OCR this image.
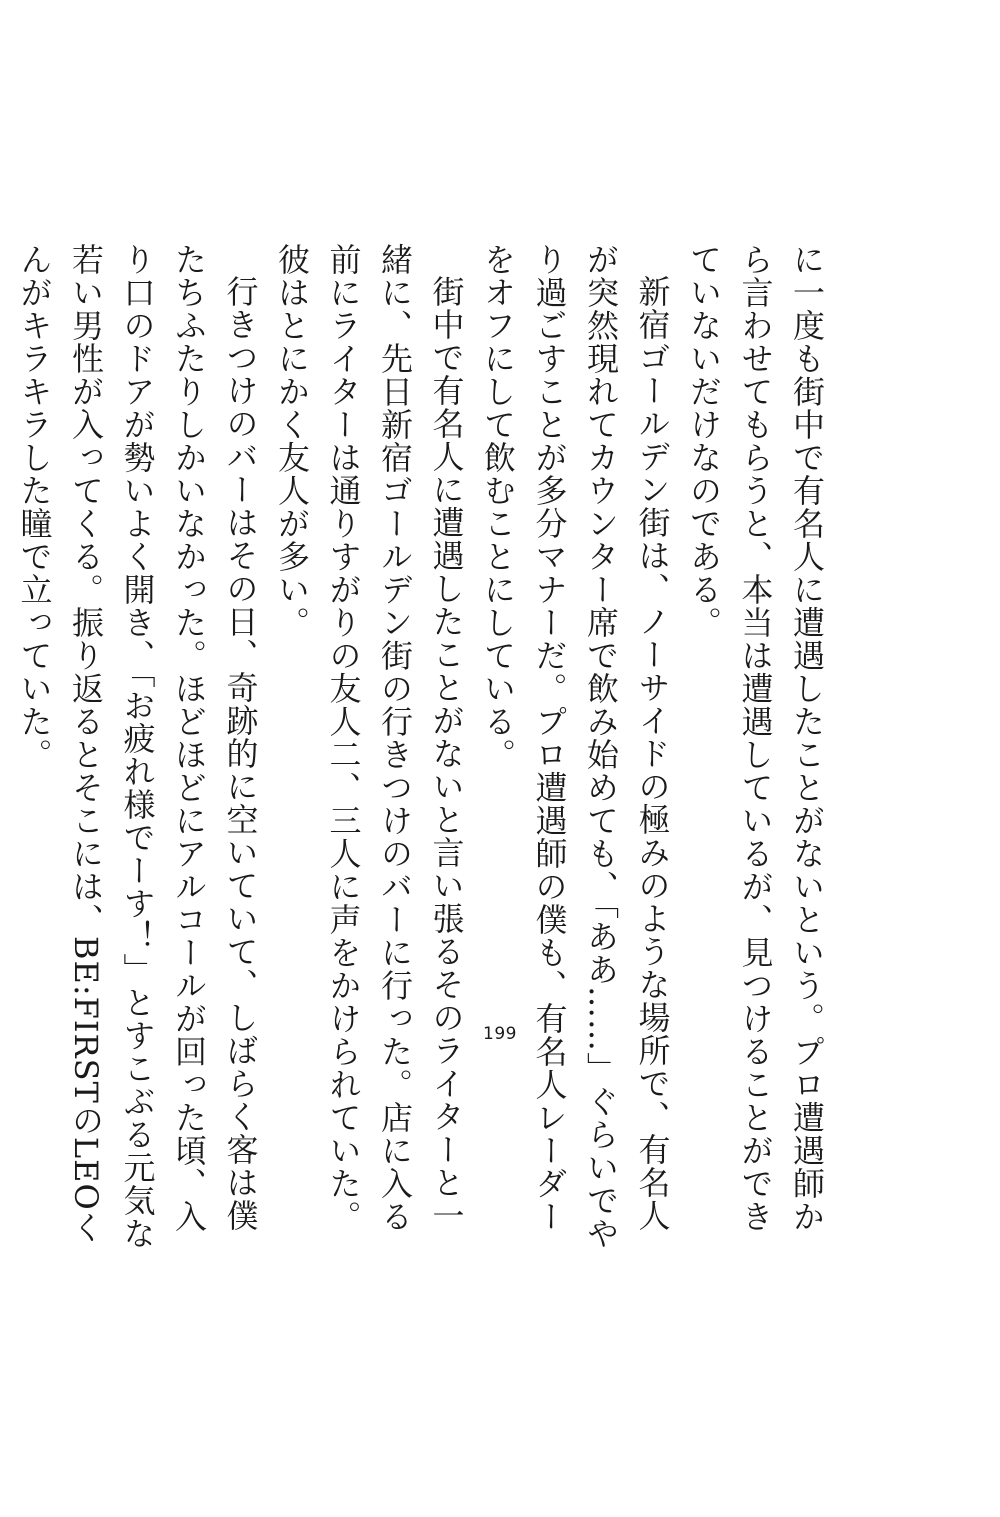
に一度も街中で有名人に遭遇したことがないという。プロ遭遇師から言わせてもらうと、本当は遭遇しているが、見つけることができていないだけなのである。

新宿ゴールデン街は、ノーサイドの極みのような場所で、有名人が突然現れてカウンター席で飲み始めても、「ああ……」ぐらいでやり過ごすことが多分マナーだ。プロ遭遇師の僕も、有名人レーダーをオフにして飲むことにしている。

街中で有名人に遭遇したことがないと言い張るそのライターと一緒に、先日新宿ゴールデン街の行きつけのバーに行った。店に入る前にライターは通りすがりの友人二、三人に声をかけられていた。彼はとにかく友人が多い。

行きつけのバーはその日、奇跡的に空いていて、しばらく客は僕たちふたりしかいなかった。ほどほどにアルコールが回った頃、入り口のドアが勢いよく開き、「お疲れ様でーす！」とすこぶる元気な若い男性が入ってくる。振り返るとそこには、BE:FIRSTのLEOくんがキラキラした瞳で立っていた。

199
